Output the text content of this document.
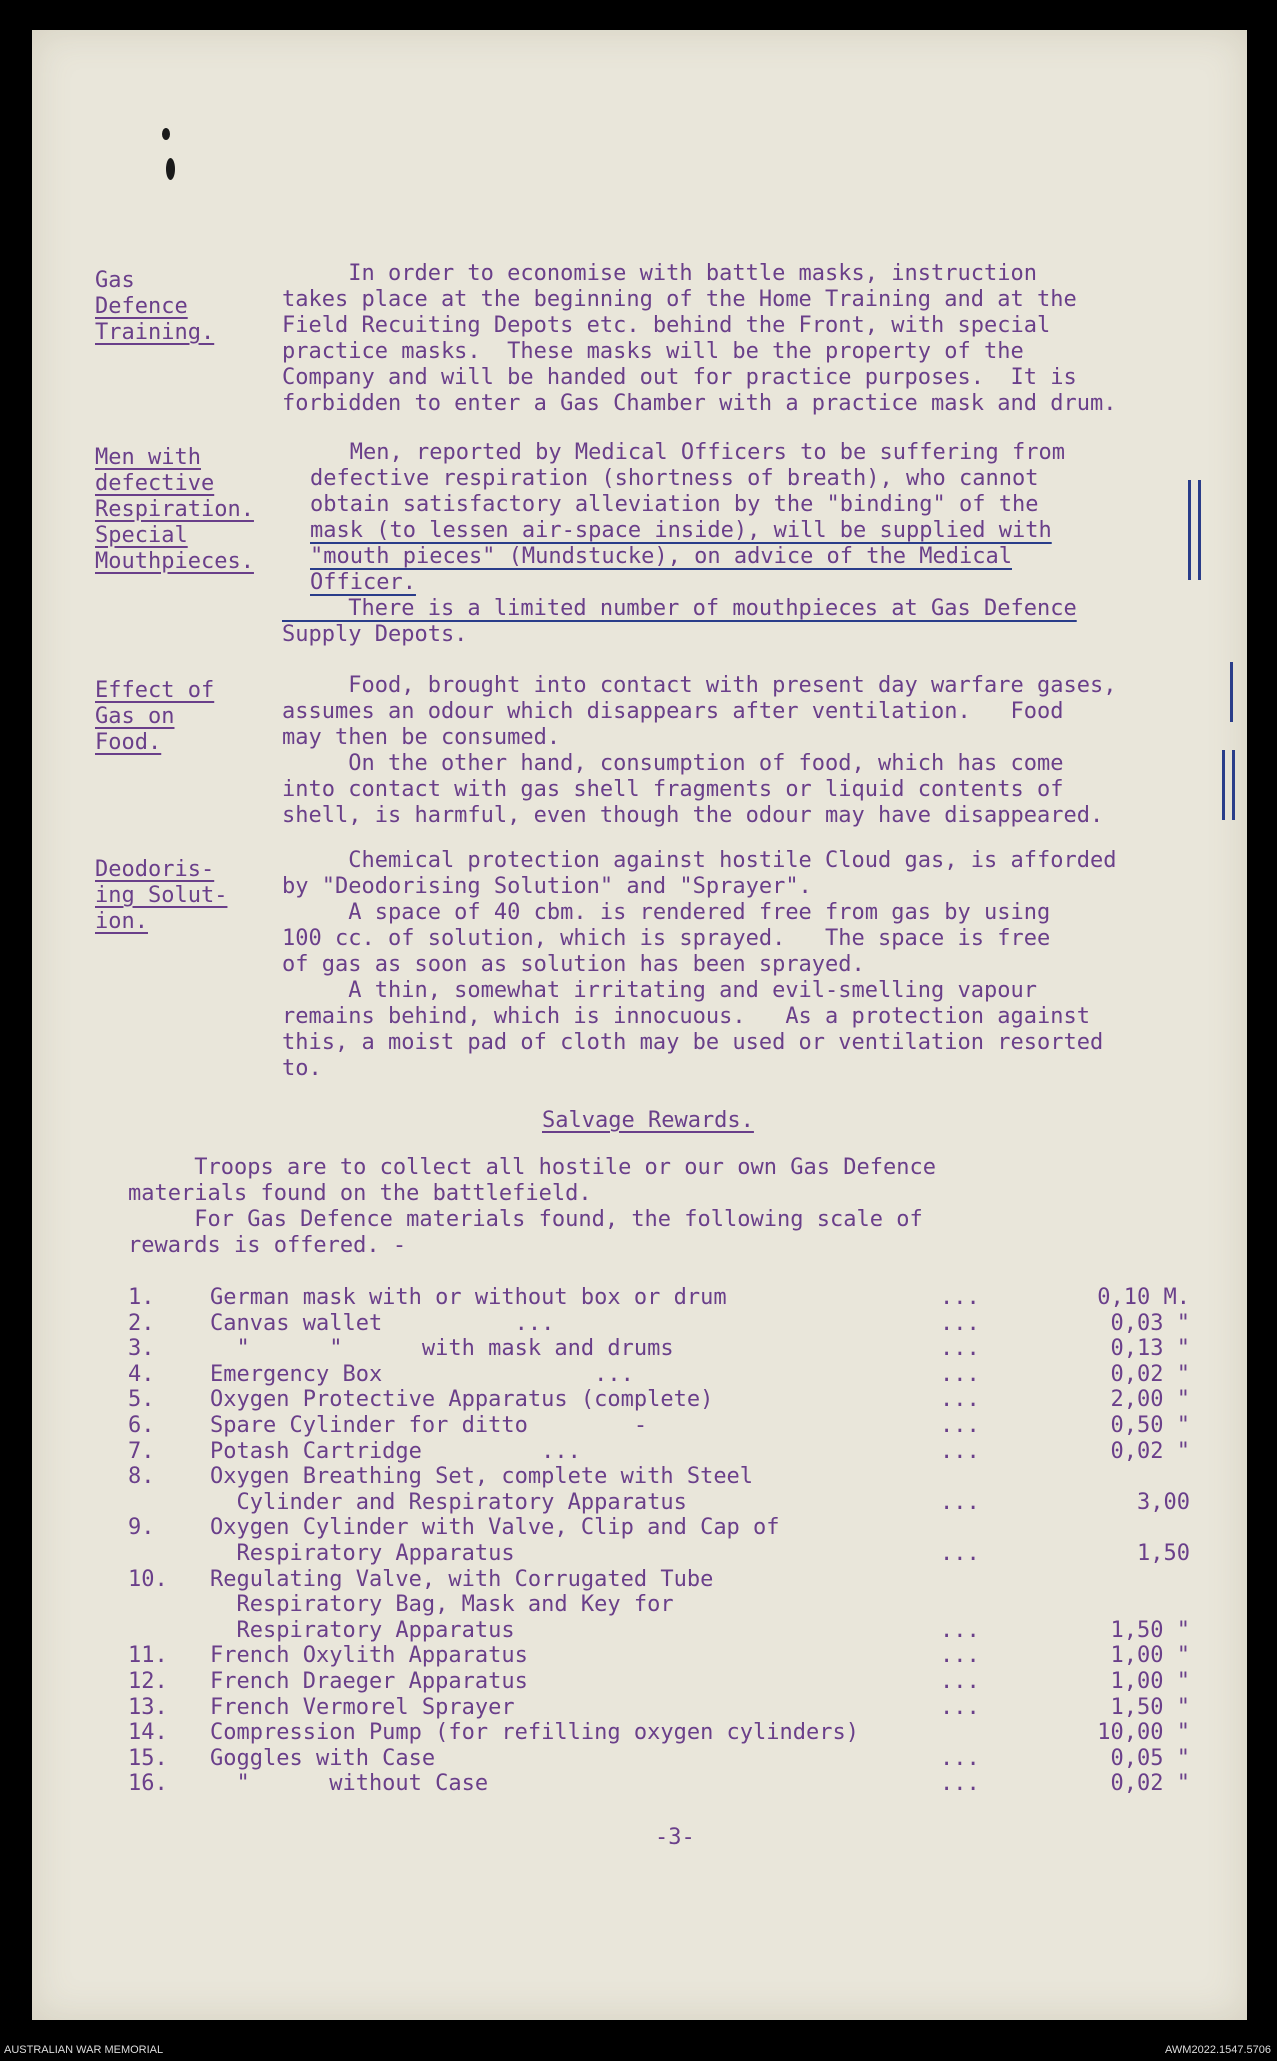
Gas
Defence
Training.
In order to economise with battle masks, instruction
takes place at the beginning of the Home Training and at the
Field Recuiting Depots etc. behind the Front, with special
practice masks.  These masks will be the property of the
Company and will be handed out for practice purposes.  It is
forbidden to enter a Gas Chamber with a practice mask and drum.
Men with
defective
Respiration.
Special
Mouthpieces.
Men, reported by Medical Officers to be suffering from
defective respiration (shortness of breath), who cannot
obtain satisfactory alleviation by the "binding" of the
mask (to lessen air-space inside), will be supplied with
"mouth pieces" (Mundstucke), on advice of the Medical
Officer.
There is a limited number of mouthpieces at Gas Defence
Supply Depots.
Effect of
Gas on
Food.
Food, brought into contact with present day warfare gases,
assumes an odour which disappears after ventilation.   Food
may then be consumed.
On the other hand, consumption of food, which has come
into contact with gas shell fragments or liquid contents of
shell, is harmful, even though the odour may have disappeared.
Deodoris-
ing Solut-
ion.
Chemical protection against hostile Cloud gas, is afforded
by "Deodorising Solution" and "Sprayer".
A space of 40 cbm. is rendered free from gas by using
100 cc. of solution, which is sprayed.   The space is free
of gas as soon as solution has been sprayed.
A thin, somewhat irritating and evil-smelling vapour
remains behind, which is innocuous.   As a protection against
this, a moist pad of cloth may be used or ventilation resorted
to.
Salvage Rewards.
Troops are to collect all hostile or our own Gas Defence
materials found on the battlefield.
For Gas Defence materials found, the following scale of
rewards is offered. -
1.	German mask with or without box or drum	...	0,10 M.
2.	Canvas wallet          ...	...	0,03 "
3.	"      "      with mask and drums	...	0,13 "
4.	Emergency Box                ...	...	0,02 "
5.	Oxygen Protective Apparatus (complete)	...	2,00 "
6.	Spare Cylinder for ditto        -	...	0,50 "
7.	Potash Cartridge         ...	...	0,02 "
8.	Oxygen Breathing Set, complete with Steel
Cylinder and Respiratory Apparatus	...	3,00
9.	Oxygen Cylinder with Valve, Clip and Cap of
Respiratory Apparatus	...	1,50
10. Regulating Valve, with Corrugated Tube
Respiratory Bag, Mask and Key for
Respiratory Apparatus	...	1,50 "
11. French Oxylith Apparatus	...	1,00 "
12. French Draeger Apparatus	...	1,00 "
13. French Vermorel Sprayer	...	1,50 "
14. Compression Pump (for refilling oxygen cylinders)	10,00 "
15. Goggles with Case	...	0,05 "
16. "      without Case	...	0,02 "
-3-
AUSTRALIAN WAR MEMORIAL	AWM2022.1547.5706
